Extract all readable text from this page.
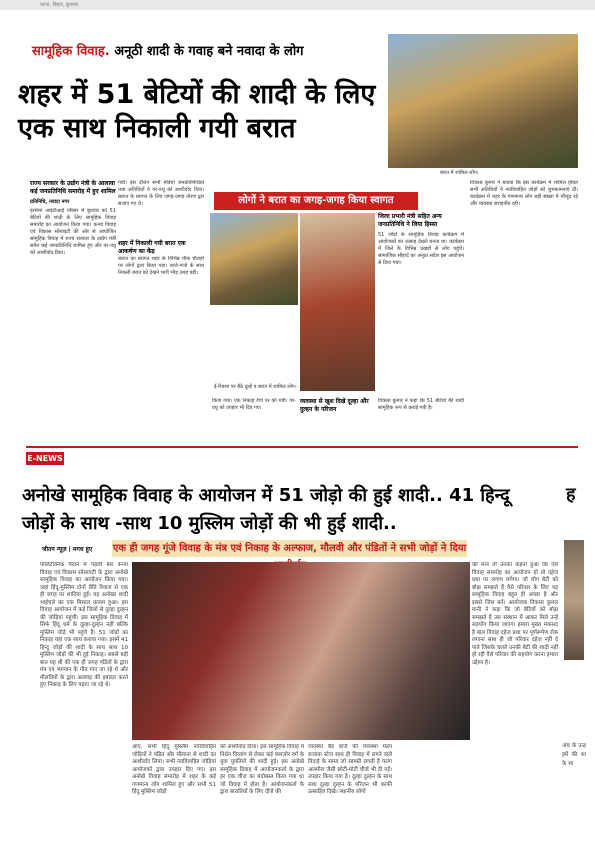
पटना, बिहार, बुधवार
सामूहिक विवाह. अनूठी शादी के गवाह बने नवादा के लोग
शहर में 51 बेटियों की शादी के लिए एक साथ निकाली गयी बरात
बरात में शामिल लोग।
राज्य सरकार के उद्योग मंत्री के आलावा कई जनप्रतिनिधि समारोह में हुए शामिल
प्रतिनिधि, नवादा नगर
हरमेशा आईटीआई परिसर में बुधवार को 51 बेटियों की शादी के लिए सामूहिक विवाह समारोह का आयोजन किया गया। कन्या विवाह एवं विकास सोसाइटी की ओर से आयोजित सामूहिक विवाह में राज्य सरकार के उद्योग मंत्री समेत कई जनप्रतिनिधि शामिल हुए और वर-वधू को आशीर्वाद दिया।
गयी। इस दौरान सभी मंत्रियों जनप्रतिनिधियों तथा अतिथियों ने वर-वधू को आशीर्वाद दिया। बारात के स्वागत के लिए जगह-जगह तोरण द्वार सजाए गए थे।
शहर में निकाली गयी बरात एक आकर्षण का केंद्र
बारात का स्वागत शहर के विभिन्न चौक चौराहों पर लोगों द्वारा किया गया। बाजे-गाजे के साथ निकली बरात को देखने भारी भीड़ उमड़ पड़ी।
लोगों ने बरात का जगह-जगह किया स्वागत
ई-रिक्शा पर बैठे दूल्हे व बरात में शामिल लोग।
जिला प्रभारी मंत्री सहित अन्य जनप्रतिनिधि ने लिया हिस्सा
51 जोड़ों के सामूहिक विवाह कार्यक्रम में आयोजकों का उत्साह देखते बनता था। कार्यक्रम में जिले के विभिन्न प्रखंडों से लोग पहुंचे। सामाजिक सौहार्द का अनूठा संदेश इस आयोजन से दिया गया।
विकास कुमार ने बताया कि इस कार्यक्रम में शामिल होकर सभी अतिथियों ने नवविवाहित जोड़ों को शुभकामनाएं दीं। कार्यक्रम में शहर के गणमान्य लोग बड़ी संख्या में मौजूद रहे और व्यवस्था सराहनीय रही।
किया गया। एक निकाह टेंपो पर की गयी। वर-वधू को उपहार भी दिए गए।
व्यवस्था से खुश दिखे दूल्हा और दुल्हन के परिजन
विकास कुमार ने कहा कि 51 बेटियों की शादी सामूहिक रूप से कराई गयी है।
E-NEWS
अनोखे सामूहिक विवाह के आयोजन में 51 जोड़ो की हुई शादी.. 41 हिन्दू जोड़ों के साथ -साथ 10 मुस्लिम जोड़ों की भी हुई शादी..
ह
जीतन न्यूज़ | मगध हुए एक ही जगह गूंजे विवाह के मंत्र एवं निकाह के अल्फाज, मौलवी और पंडितों ने सभी जोड़ों ने दिया
पॉलिटेक्निक मैदान में पहली बार कन्या विवाह एवं विकास सोसायटी के द्वारा अनोखे सामूहिक विवाह का आयोजन किया गया। जहां हिंदू-मुस्लिम दोनों रीति रिवाज से एक ही जगह पर शादियां हुईं। यह अनोखा शादी भाईचारे का एक मिसाल कायम हुआ। इस विवाह आयोजन में कई जिलों से दूल्हा दुल्हन की जोड़ियां पहुंचीं। इस सामूहिक विवाह में सिर्फ हिंदू धर्म के दूल्हा-दुल्हन नहीं बल्कि मुस्लिम जोड़े भी पहुंचे हैं। 51 जोड़ों का निकाह यहां एक साथ कराया गया। इसमें 41 हिन्दू जोड़ों की शादी के साथ साथ 10 मुस्लिम जोड़ों की भी हुई निकाह। सबसे बड़ी बात यह थी की एक ही जगह पंडितों के द्वारा मंत्र एवं भगवान के गीत गाए जा रहे थे और मौलवियों के द्वारा अल्लाह की इबादत करते हुए निकाह के लिए पढ़ाए जा रहे थे।
की मानें तो उनका कहना हुआ कि ऐसे विवाह समारोह का आयोजन हो तो दहेज प्रथा पर लगाम लगेगा। जो लोग बेटी को बोझ समझते हैं वैसे परिवार के लिए यह सामूहिक विवाह बहुत ही अच्छा है और इससे जिस बनें। आयोजक विकास कुमार मानी ने कहा कि जो बेटियों को बोझ समझते हैं उस संस्थान में आकर मिले उन्हें सहयोग किया जाएगा हमारा मुख्य मकसद है बाल विवाह दहेज प्रथा पर पूर्णरूपेण रोक लगाना साथ ही जो परिवार दहेज नहीं दे पाते जिसके चलते उनकी बेटी की शादी नहीं हो रही वैसे परिवार की सहयोग करना हमारा उद्देश्य है।
आए, सभी हिंदू मुस्लिम नवविवाहित जोड़ियों ने पंडित और मौलाना से शादी का आशीर्वाद लिया। सभी नवविवाहित जोड़ियां आयोजकों द्वारा उपहार दिए गए। इस अनोखे विवाह समारोह में शहर के कई गणमान्य लोग शामिल हुए और सभी 51 हिंदू मुस्लिम जोड़ों
को आशीर्वाद दिया। इस सामूहिक विवाह में निर्धन दिव्यांग से लेकर कई कमजोर वर्ग के युवा युवतियों की शादी हुई। इस अनोखे सामूहिक विवाह में आयोजनकर्ता के द्वारा हर एक चीज का बंदोबस्त किया गया था जो विवाह में होता है। आयोजनकर्ता के द्वारा बारातियों के लिए दीजे की
व्यवस्था बैंड बाजे की व्यवस्था मंडप सजाया स्टेज साथ ही विवाह में लगने वाले विदाई के समय जो सामग्री लगती है पलंग अलमीरा जैसी छोटी-मोटी चीजें भी दी गईं। उपहार किया गया है। दूल्हा दुल्हन के साथ साथ दूल्हा दुल्हन के परिजन भी काफी उत्साहित दिखे। स्थानीय लोगों
अंच के उन्ह हमें की शा के भा
